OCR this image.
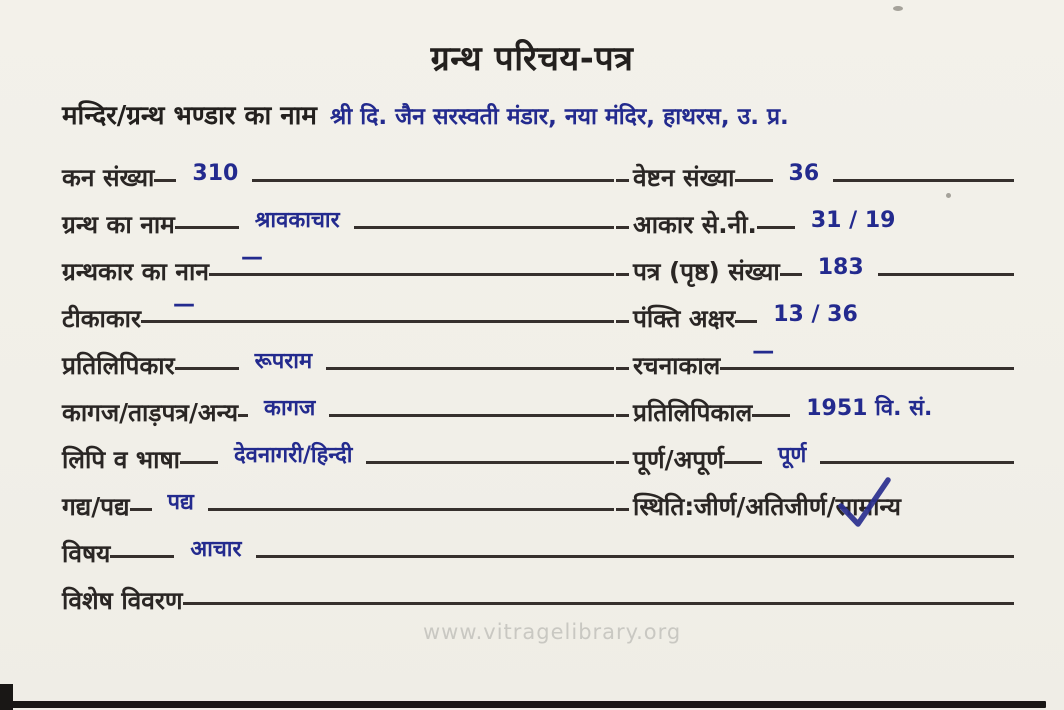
ग्रन्थ परिचय-पत्र
मन्दिर/ग्रन्थ भण्डार का नाम श्री दि. जैन सरस्वती मंडार, नया मंदिर, हाथरस, उ. प्र.
कन संख्या 310	वेष्टन संख्या 36
ग्रन्थ का नाम	श्रावकाचार	आकार से.नी. 31 / 19
ग्रन्थकार का नान	—	पत्र (पृष्ठ) संख्या 183
टीकाकार	—	पंक्ति अक्षर 13 / 36
प्रतिलिपिकार	रूपराम	रचनाकाल	—
कागज/ताड़पत्र/अन्य कागज	प्रतिलिपिकाल 1951 वि. सं.
लिपि व भाषा देवनागरी/हिन्दी	पूर्ण/अपूर्ण पूर्ण
गद्य/पद्य पद्य	स्थिति:जीर्ण/अतिजीर्ण/सामान्य
विषय	आचार
विशेष विवरण
www.vitragelibrary.org
